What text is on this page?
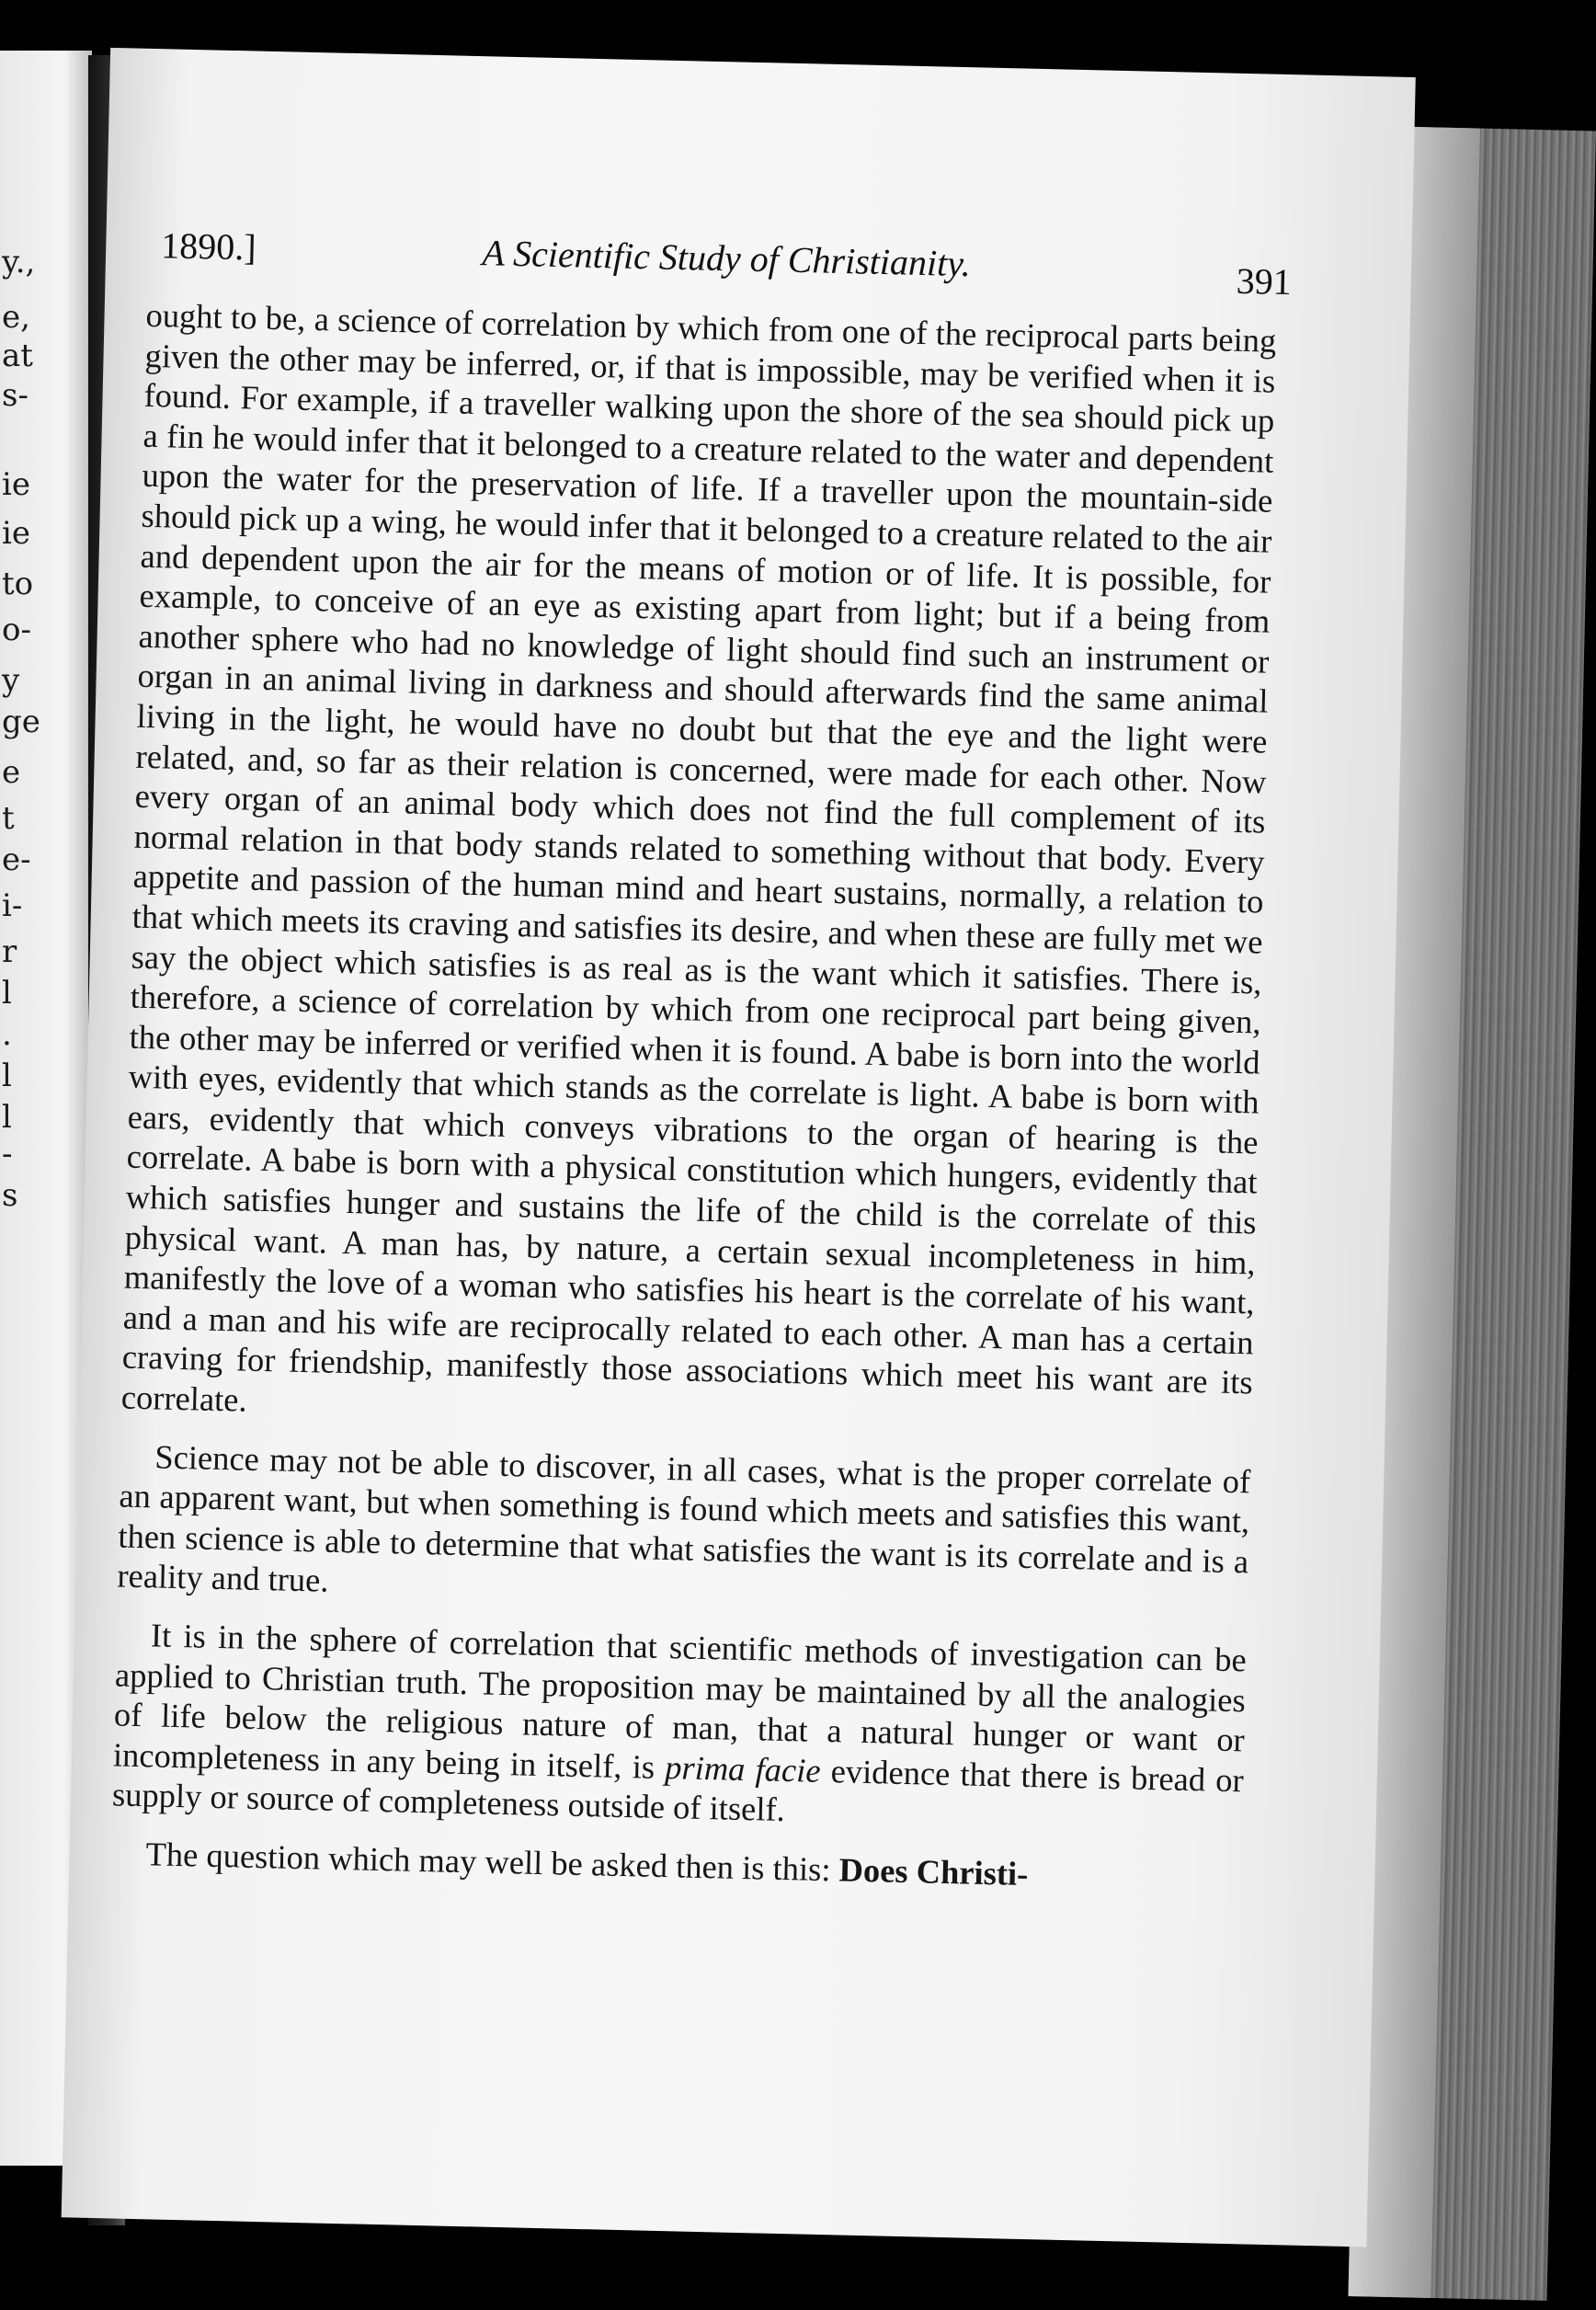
y.,
e,
at
s-
ie
ie
to
o-
y
ge
e
t
e-
i-
r
l
.
l
l
-
s
1890.]	A Scientific Study of Christianity.	391

ought to be, a science of correlation by which from one of the reciprocal parts being given the other may be inferred, or, if that is impossible, may be verified when it is found. For example, if a traveller walking upon the shore of the sea should pick up a fin he would infer that it belonged to a creature related to the water and dependent upon the water for the preservation of life. If a traveller upon the mountain-side should pick up a wing, he would infer that it belonged to a creature related to the air and dependent upon the air for the means of motion or of life. It is possible, for example, to conceive of an eye as existing apart from light; but if a being from another sphere who had no knowledge of light should find such an instrument or organ in an animal living in darkness and should afterwards find the same animal living in the light, he would have no doubt but that the eye and the light were related, and, so far as their relation is concerned, were made for each other. Now every organ of an animal body which does not find the full complement of its normal relation in that body stands related to something without that body. Every appetite and passion of the human mind and heart sustains, normally, a relation to that which meets its craving and satisfies its desire, and when these are fully met we say the object which satisfies is as real as is the want which it satisfies. There is, therefore, a science of correlation by which from one reciprocal part being given, the other may be inferred or verified when it is found. A babe is born into the world with eyes, evidently that which stands as the correlate is light. A babe is born with ears, evidently that which conveys vibrations to the organ of hearing is the correlate. A babe is born with a physical constitution which hungers, evidently that which satisfies hunger and sustains the life of the child is the correlate of this physical want. A man has, by nature, a certain sexual incompleteness in him, manifestly the love of a woman who satisfies his heart is the correlate of his want, and a man and his wife are reciprocally related to each other. A man has a certain craving for friendship, manifestly those associations which meet his want are its correlate.

Science may not be able to discover, in all cases, what is the proper correlate of an apparent want, but when something is found which meets and satisfies this want, then science is able to determine that what satisfies the want is its correlate and is a reality and true.

It is in the sphere of correlation that scientific methods of investigation can be applied to Christian truth. The proposition may be maintained by all the analogies of life below the religious nature of man, that a natural hunger or want or incompleteness in any being in itself, is prima facie evidence that there is bread or supply or source of completeness outside of itself.

The question which may well be asked then is this: Does Christi-
